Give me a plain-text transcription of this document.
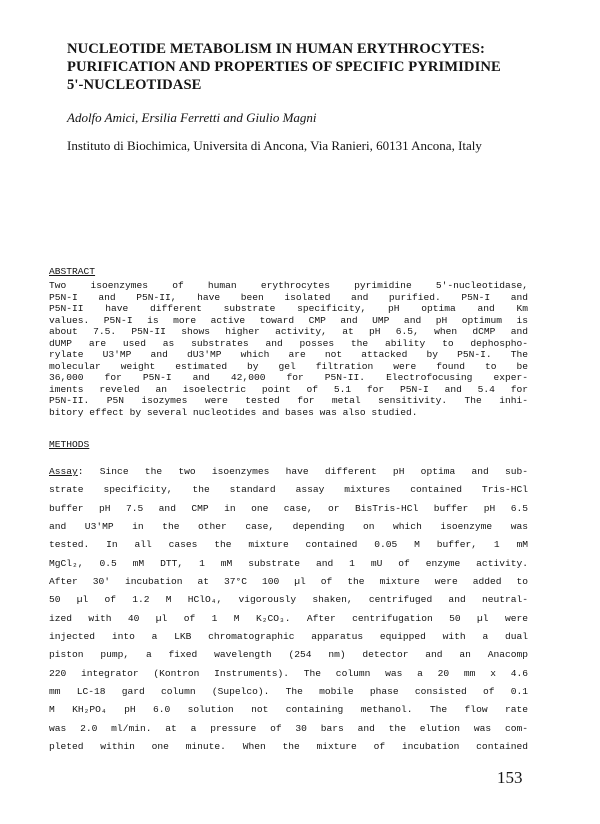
NUCLEOTIDE METABOLISM IN HUMAN ERYTHROCYTES:
PURIFICATION AND PROPERTIES OF SPECIFIC PYRIMIDINE
5'-NUCLEOTIDASE
Adolfo Amici, Ersilia Ferretti and Giulio Magni
Instituto di Biochimica, Universita di Ancona, Via Ranieri, 60131 Ancona, Italy
ABSTRACT
Two isoenzymes of human erythrocytes pyrimidine 5'-nucleotidase,
P5N-I and P5N-II, have been isolated and purified. P5N-I and
P5N-II have different substrate specificity, pH optima and Km
values. P5N-I is more active toward CMP and UMP and pH optimum is
about 7.5. P5N-II shows higher activity, at pH 6.5, when dCMP and
dUMP are used as substrates and posses the ability to dephospho-
rylate U3'MP and dU3'MP which are not attacked by P5N-I. The
molecular weight estimated by gel filtration were found to be
36,000 for P5N-I and 42,000 for P5N-II. Electrofocusing exper-
iments reveled an isoelectric point of 5.1 for P5N-I and 5.4 for
P5N-II. P5N isozymes were tested for metal sensitivity. The inhi-
bitory effect by several nucleotides and bases was also studied.
METHODS
Assay: Since the two isoenzymes have different pH optima and sub-
strate specificity, the standard assay mixtures contained Tris-HCl
buffer pH 7.5 and CMP in one case, or BisTris-HCl buffer pH 6.5
and U3'MP in the other case, depending on which isoenzyme was
tested. In all cases the mixture contained 0.05 M buffer, 1 mM
MgCl₂, 0.5 mM DTT, 1 mM substrate and 1 mU of enzyme activity.
After 30' incubation at 37°C 100 µl of the mixture were added to
50 µl of 1.2 M HClO₄, vigorously shaken, centrifuged and neutral-
ized with 40 µl of 1 M K₂CO₃. After centrifugation 50 µl were
injected into a LKB chromatographic apparatus equipped with a dual
piston pump, a fixed wavelength (254 nm) detector and an Anacomp
220 integrator (Kontron Instruments). The column was a 20 mm x 4.6
mm LC-18 gard column (Supelco). The mobile phase consisted of 0.1
M KH₂PO₄ pH 6.0 solution not containing methanol. The flow rate
was 2.0 ml/min. at a pressure of 30 bars and the elution was com-
pleted within one minute. When the mixture of incubation contained
153
